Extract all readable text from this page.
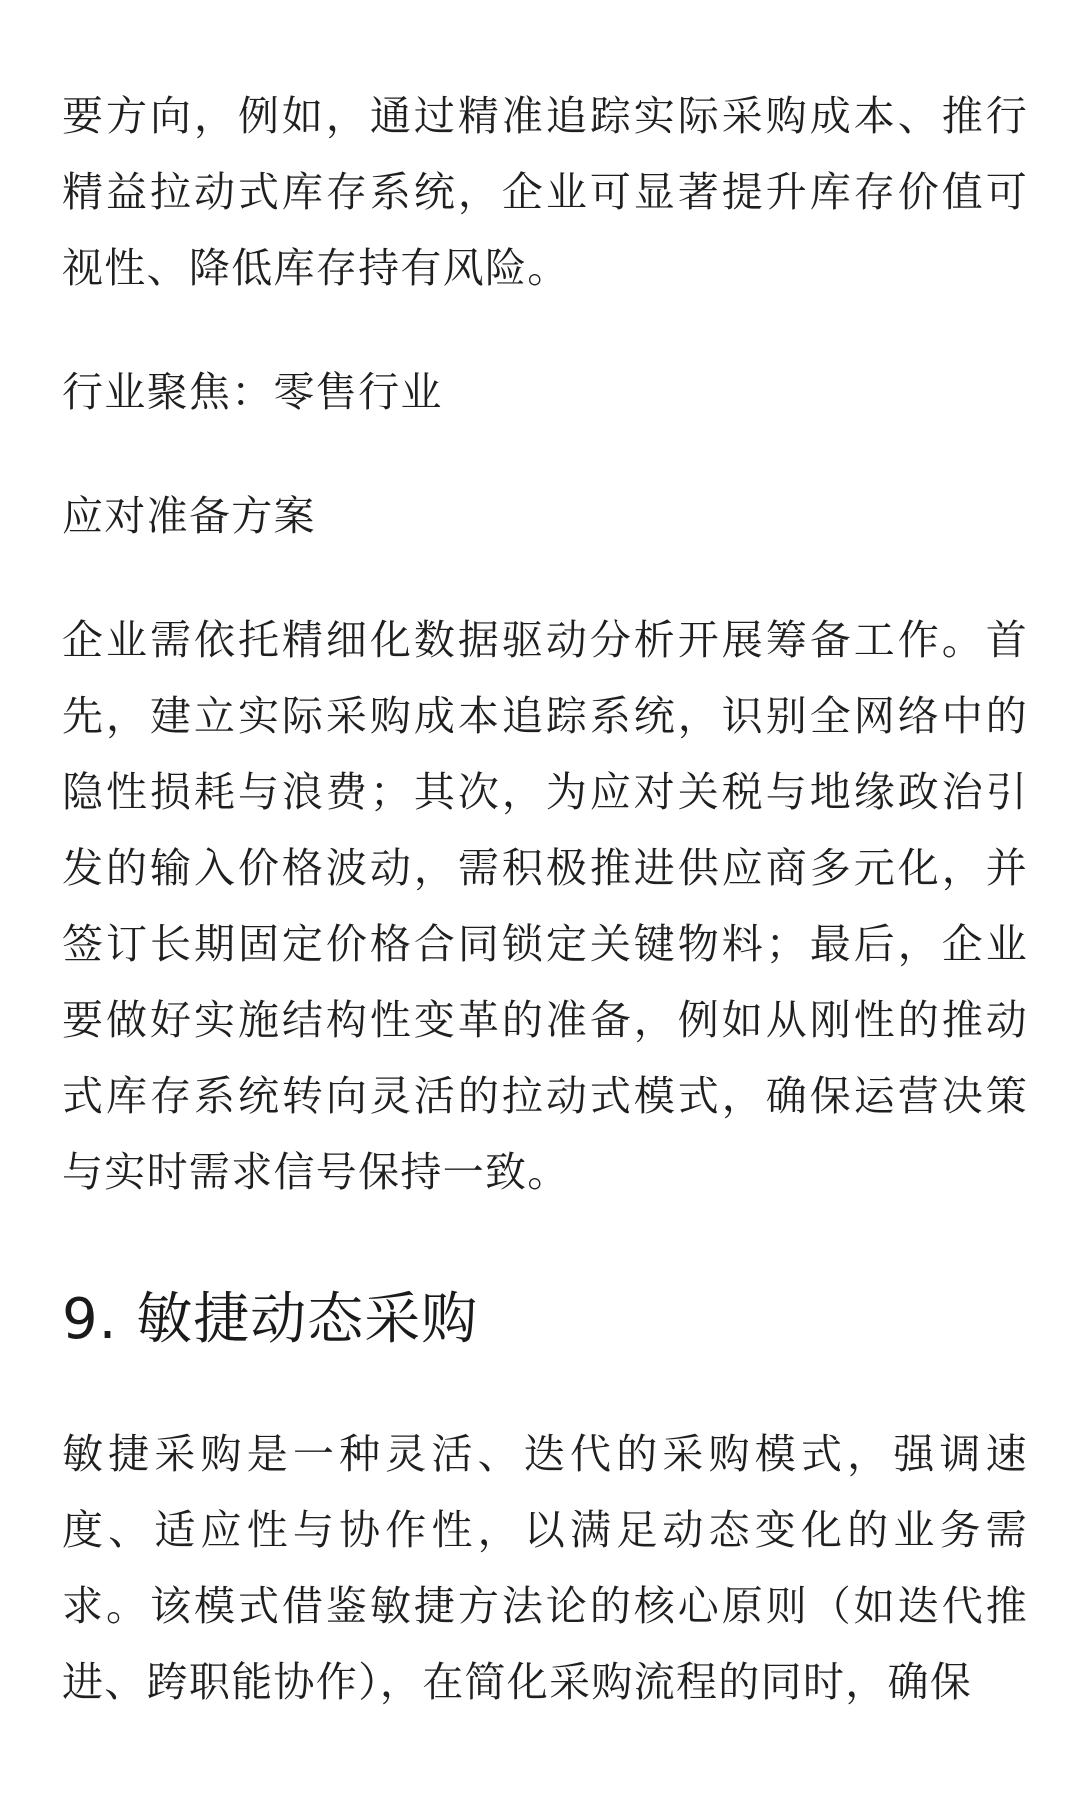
要方向，例如，通过精准追踪实际采购成本、推行精益拉动式库存系统，企业可显著提升库存价值可视性、降低库存持有风险。

行业聚焦：零售行业

应对准备方案

企业需依托精细化数据驱动分析开展筹备工作。首先，建立实际采购成本追踪系统，识别全网络中的隐性损耗与浪费；其次，为应对关税与地缘政治引发的输入价格波动，需积极推进供应商多元化，并签订长期固定价格合同锁定关键物料；最后，企业要做好实施结构性变革的准备，例如从刚性的推动式库存系统转向灵活的拉动式模式，确保运营决策与实时需求信号保持一致。

9. 敏捷动态采购

敏捷采购是一种灵活、迭代的采购模式，强调速度、适应性与协作性，以满足动态变化的业务需求。该模式借鉴敏捷方法论的核心原则（如迭代推进、跨职能协作），在简化采购流程的同时，确保
